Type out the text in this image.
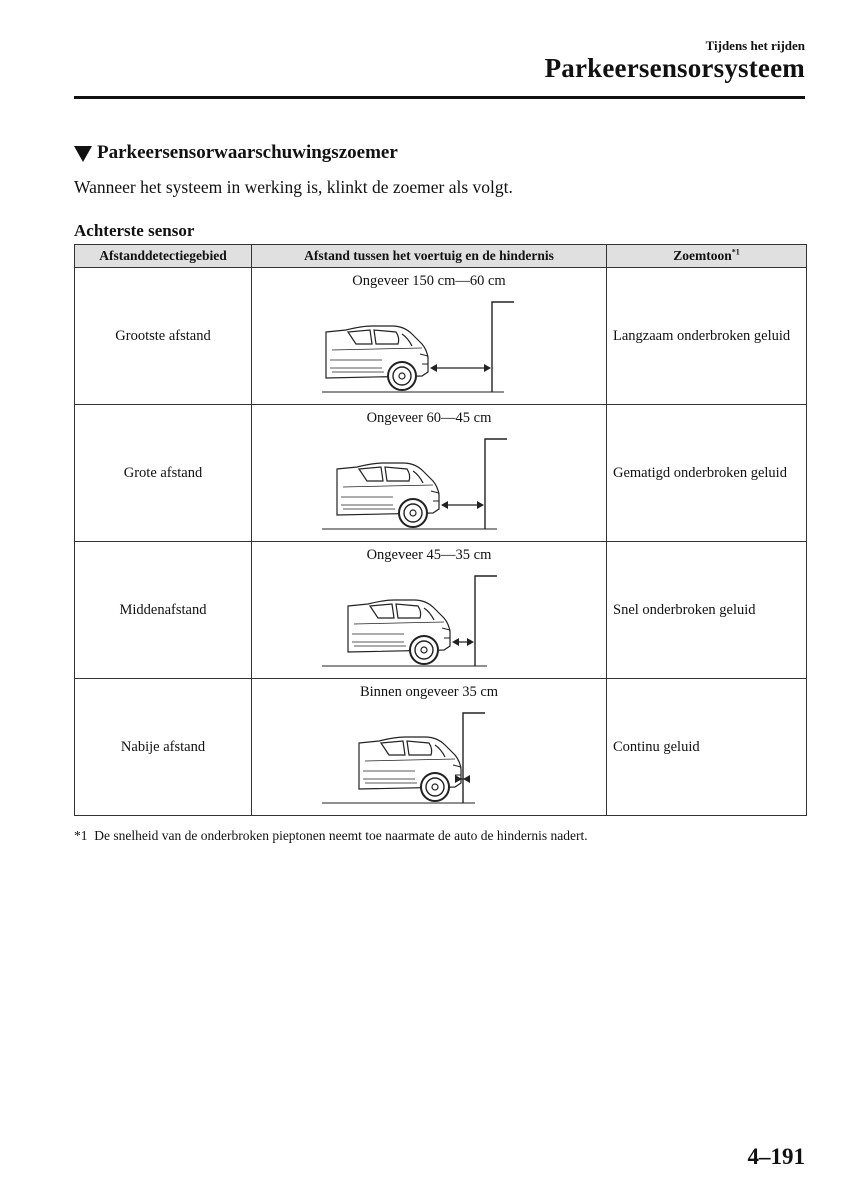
Tijdens het rijden
Parkeersensorsysteem
Parkeersensorwaarschuwingszoemer
Wanneer het systeem in werking is, klinkt de zoemer als volgt.
Achterste sensor
Afstanddetectiegebied	Afstand tussen het voertuig en de hindernis	Zoemtoon$^{*1}$
Grootste afstand	Ongeveer 150 cm—60 cm	Langzaam onderbroken geluid
Grote afstand	Ongeveer 60—45 cm	Gematigd onderbroken geluid
Middenafstand	Ongeveer 45—35 cm	Snel onderbroken geluid
Nabije afstand	Binnen ongeveer 35 cm	Continu geluid
*1 De snelheid van de onderbroken pieptonen neemt toe naarmate de auto de hindernis nadert.
4–191
